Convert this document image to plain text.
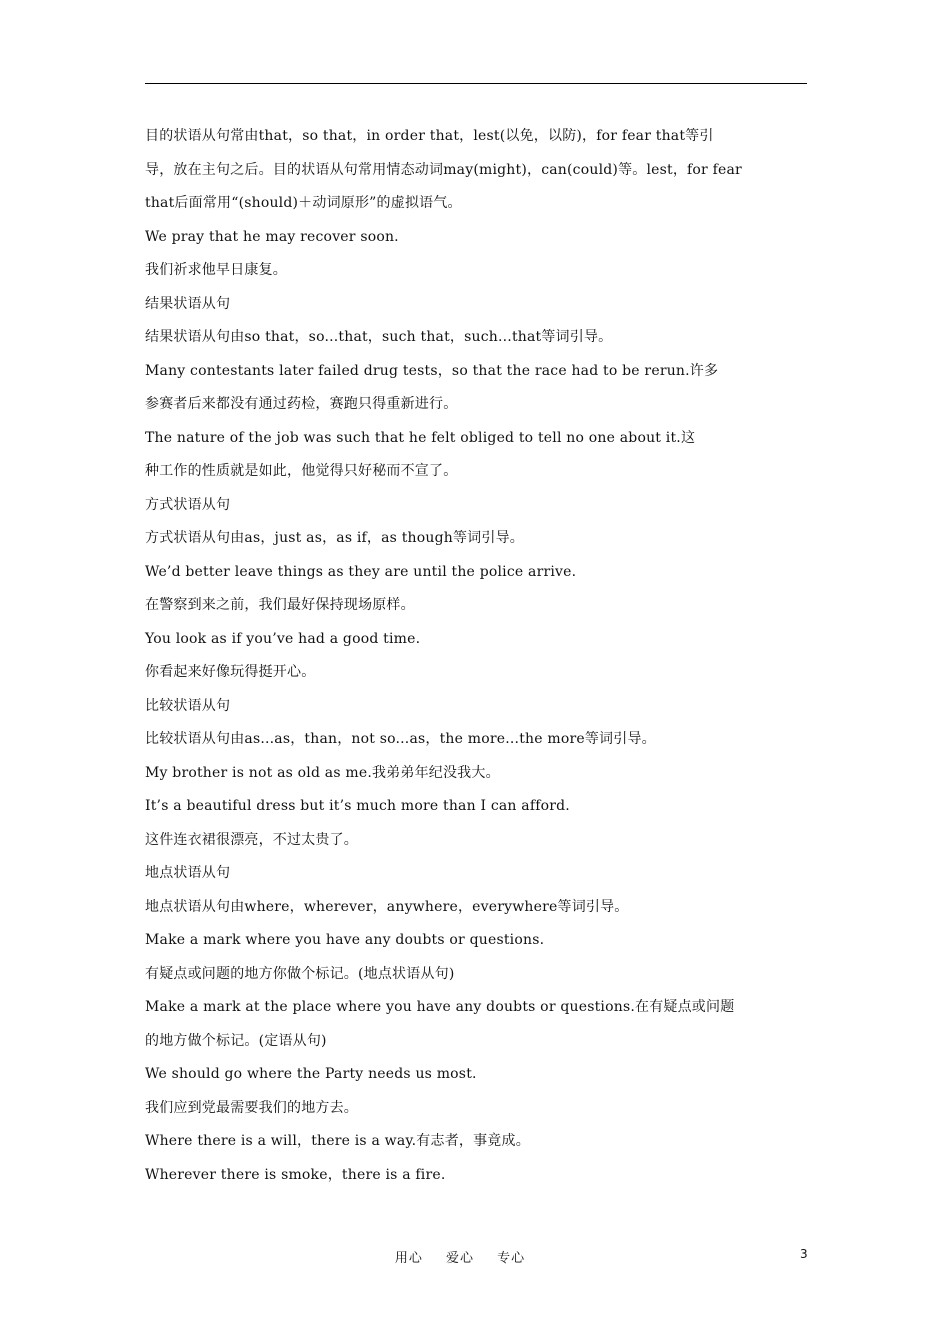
目的状语从句常由that，so that，in order that，lest(以免，以防)，for fear that等引
导，放在主句之后。目的状语从句常用情态动词may(might)，can(could)等。lest，for fear
that后面常用“(should)＋动词原形”的虚拟语气。
We pray that he may recover soon.
我们祈求他早日康复。
结果状语从句
结果状语从句由so that，so...that，such that，such...that等词引导。
Many contestants later failed drug tests，so that the race had to be rerun.许多
参赛者后来都没有通过药检，赛跑只得重新进行。
The nature of the job was such that he felt obliged to tell no one about it.这
种工作的性质就是如此，他觉得只好秘而不宣了。
方式状语从句
方式状语从句由as，just as，as if，as though等词引导。
We’d better leave things as they are until the police arrive.
在警察到来之前，我们最好保持现场原样。
You look as if you’ve had a good time.
你看起来好像玩得挺开心。
比较状语从句
比较状语从句由as...as，than，not so...as，the more...the more等词引导。
My brother is not as old as me.我弟弟年纪没我大。
It’s a beautiful dress but it’s much more than I can afford.
这件连衣裙很漂亮，不过太贵了。
地点状语从句
地点状语从句由where，wherever，anywhere，everywhere等词引导。
Make a mark where you have any doubts or questions.
有疑点或问题的地方你做个标记。(地点状语从句)
Make a mark at the place where you have any doubts or questions.在有疑点或问题
的地方做个标记。(定语从句)
We should go where the Party needs us most.
我们应到党最需要我们的地方去。
Where there is a will，there is a way.有志者，事竟成。
Wherever there is smoke，there is a fire.
用心 爱心 专心	3
